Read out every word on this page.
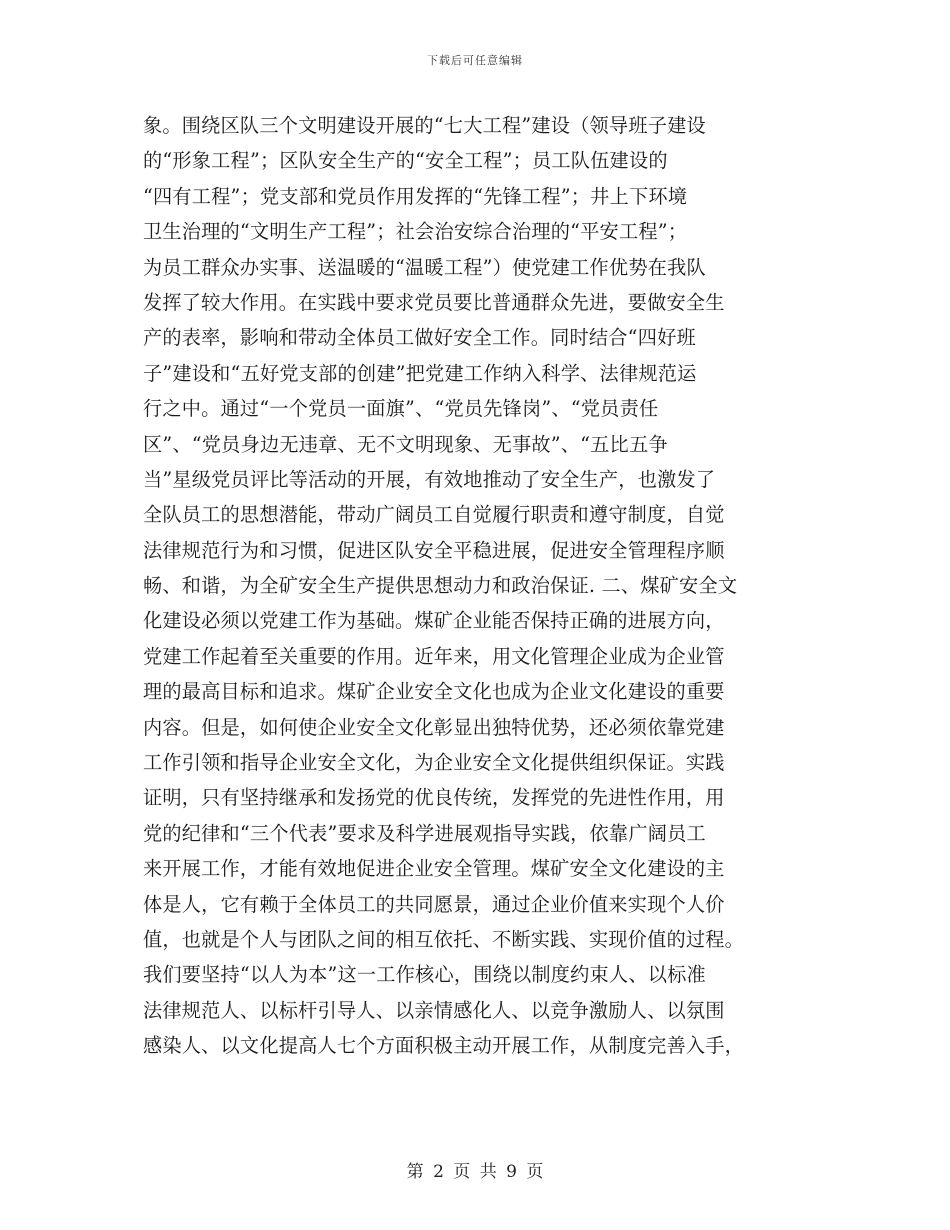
下载后可任意编辑
象。围绕区队三个文明建设开展的“七大工程”建设（领导班子建设
的“形象工程”；区队安全生产的“安全工程”；员工队伍建设的
“四有工程”；党支部和党员作用发挥的“先锋工程”；井上下环境
卫生治理的“文明生产工程”；社会治安综合治理的“平安工程”；
为员工群众办实事、送温暖的“温暖工程”）使党建工作优势在我队
发挥了较大作用。在实践中要求党员要比普通群众先进，要做安全生
产的表率，影响和带动全体员工做好安全工作。同时结合“四好班
子”建设和“五好党支部的创建”把党建工作纳入科学、法律规范运
行之中。通过“一个党员一面旗”、“党员先锋岗”、“党员责任
区”、“党员身边无违章、无不文明现象、无事故”、“五比五争
当”星级党员评比等活动的开展，有效地推动了安全生产，也激发了
全队员工的思想潜能，带动广阔员工自觉履行职责和遵守制度，自觉
法律规范行为和习惯，促进区队安全平稳进展，促进安全管理程序顺
畅、和谐，为全矿安全生产提供思想动力和政治保证. 二、煤矿安全文
化建设必须以党建工作为基础。煤矿企业能否保持正确的进展方向，
党建工作起着至关重要的作用。近年来，用文化管理企业成为企业管
理的最高目标和追求。煤矿企业安全文化也成为企业文化建设的重要
内容。但是，如何使企业安全文化彰显出独特优势，还必须依靠党建
工作引领和指导企业安全文化，为企业安全文化提供组织保证。实践
证明，只有坚持继承和发扬党的优良传统，发挥党的先进性作用，用
党的纪律和“三个代表”要求及科学进展观指导实践，依靠广阔员工
来开展工作，才能有效地促进企业安全管理。煤矿安全文化建设的主
体是人，它有赖于全体员工的共同愿景，通过企业价值来实现个人价
值，也就是个人与团队之间的相互依托、不断实践、实现价值的过程。
我们要坚持“以人为本”这一工作核心，围绕以制度约束人、以标准
法律规范人、以标杆引导人、以亲情感化人、以竞争激励人、以氛围
感染人、以文化提高人七个方面积极主动开展工作，从制度完善入手，
第 2 页 共 9 页
